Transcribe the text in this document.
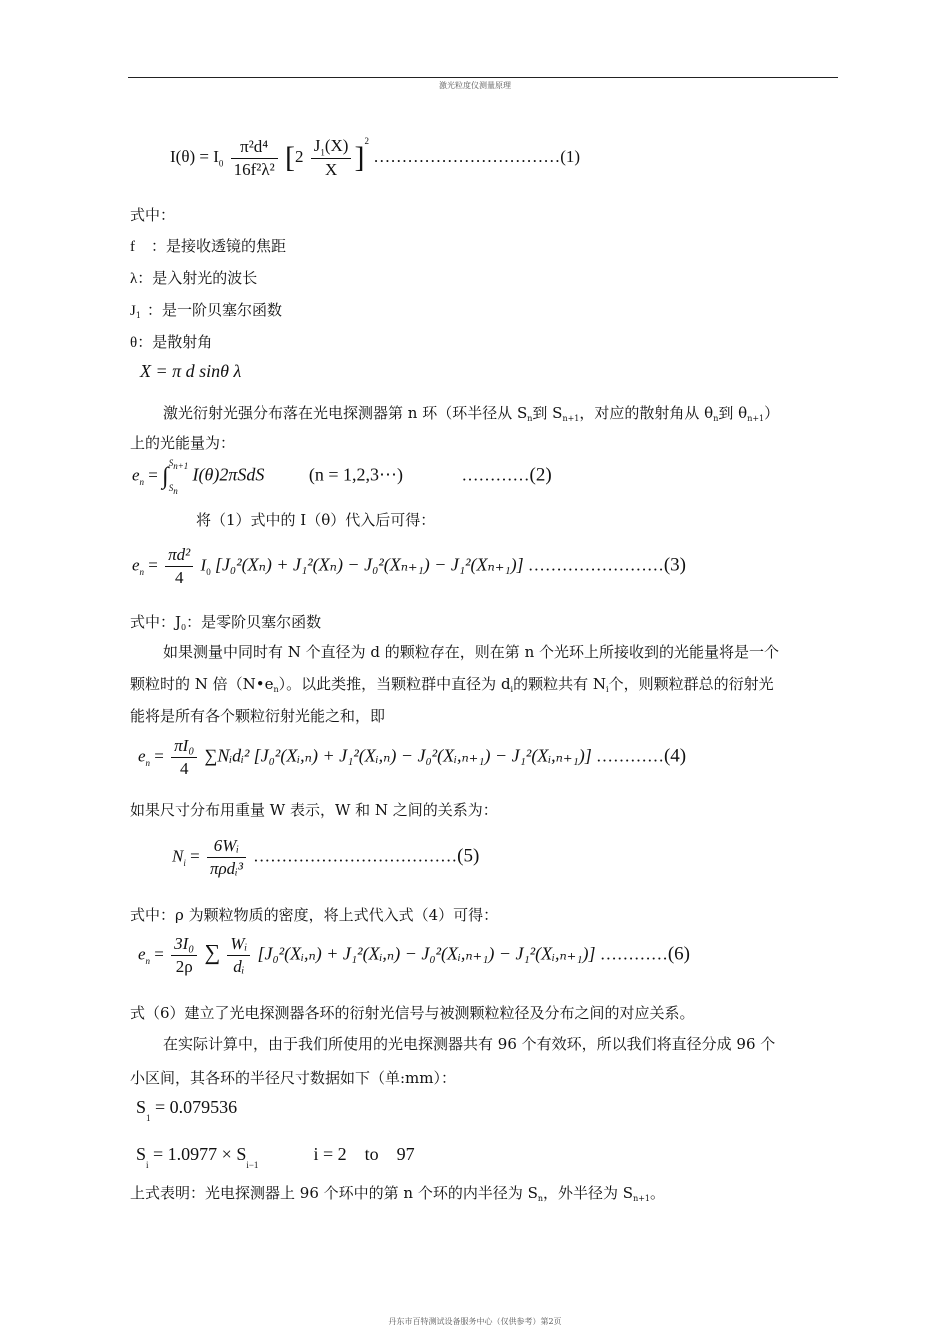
激光粒度仪测量原理
$I(\theta) = I_0 \frac{\text{π²d⁴}}{\text{16f²λ²}} [2 \frac{J_1(X)}{X} ]^2$ ……………………………(1)
式中：
f ：是接收透镜的焦距
λ：是入射光的波长
$J_1$ ：是一阶贝塞尔函数
θ：是散射角
X = π d sinθ λ
激光衍射光强分布落在光电探测器第 n 环（环半径从 $S_n$到 $S_{n+1}$，对应的散射角从 $\theta_n$到 $\theta_{n+1}$）
上的光能量为：
$e_n$ = ∫
$S_{n+1}$
$S_n$
I(θ)2πSdS (n = 1,2,3⋯)	…………(2)
将（1）式中的 I（θ）代入后可得：
$e_n = \frac{\text{πd²}}{4} I_0$ [J₀²(Xₙ) + J₁²(Xₙ) − J₀²(Xₙ₊₁) − J₁²(Xₙ₊₁)] ……………………(3)
式中：$J_0$：是零阶贝塞尔函数
如果测量中同时有 N 个直径为 d 的颗粒存在，则在第 n 个光环上所接收到的光能量将是一个
颗粒时的 N 倍$(N•e_n)$。以此类推，当颗粒群中直径为 $d_i$的颗粒共有 $N_i$个，则颗粒群总的衍射光
能将是所有各个颗粒衍射光能之和，即
$e_n = \frac{\text{πI₀}}{4}$ ∑Nᵢdᵢ² [J₀²(Xᵢ,ₙ) + J₁²(Xᵢ,ₙ) − J₀²(Xᵢ,ₙ₊₁) − J₁²(Xᵢ,ₙ₊₁)] …………(4)
如果尺寸分布用重量 W 表示，W 和 N 之间的关系为：
$N_i = \frac{\text{6Wᵢ}}{\text{πρdᵢ³}}$ ………………………………(5)
式中：ρ 为颗粒物质的密度，将上式代入式（4）可得：
$e_n = \frac{\text{3I₀}}{2\rho}$ ∑ $\frac{\text{Wᵢ}}{\text{dᵢ}}$ [J₀²(Xᵢ,ₙ) + J₁²(Xᵢ,ₙ) − J₀²(Xᵢ,ₙ₊₁) − J₁²(Xᵢ,ₙ₊₁)] …………(6)
式（6）建立了光电探测器各环的衍射光信号与被测颗粒粒径及分布之间的对应关系。
在实际计算中，由于我们所使用的光电探测器共有 96 个有效环，所以我们将直径分成 96 个
小区间，其各环的半径尺寸数据如下（单:mm）：
$S_1 = 0.079536$
$S_i = 1.0977 \times S_{i-1}$  i = 2    to    97
上式表明：光电探测器上 96 个环中的第 n 个环的内半径为 $S_n$，外半径为 $S_{n+1}$。
丹东市百特测试设备服务中心（仅供参考）第2页
